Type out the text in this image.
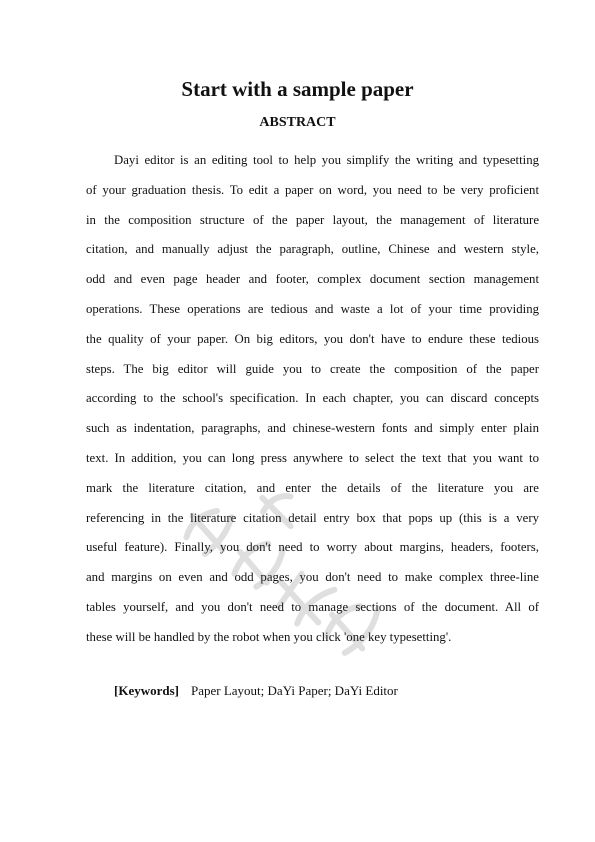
Start with a sample paper
ABSTRACT
Dayi editor is an editing tool to help you simplify the writing and typesetting
of your graduation thesis. To edit a paper on word, you need to be very proficient
in the composition structure of the paper layout, the management of literature
citation, and manually adjust the paragraph, outline, Chinese and western style,
odd and even page header and footer, complex document section management
operations. These operations are tedious and waste a lot of your time providing
the quality of your paper. On big editors, you don't have to endure these tedious
steps. The big editor will guide you to create the composition of the paper
according to the school's specification. In each chapter, you can discard concepts
such as indentation, paragraphs, and chinese-western fonts and simply enter plain
text. In addition, you can long press anywhere to select the text that you want to
mark the literature citation, and enter the details of the literature you are
referencing in the literature citation detail entry box that pops up (this is a very
useful feature). Finally, you don't need to worry about margins, headers, footers,
and margins on even and odd pages, you don't need to make complex three-line
tables yourself, and you don't need to manage sections of the document. All of
these will be handled by the robot when you click 'one key typesetting'.
[Keywords] Paper Layout; DaYi Paper; DaYi Editor
